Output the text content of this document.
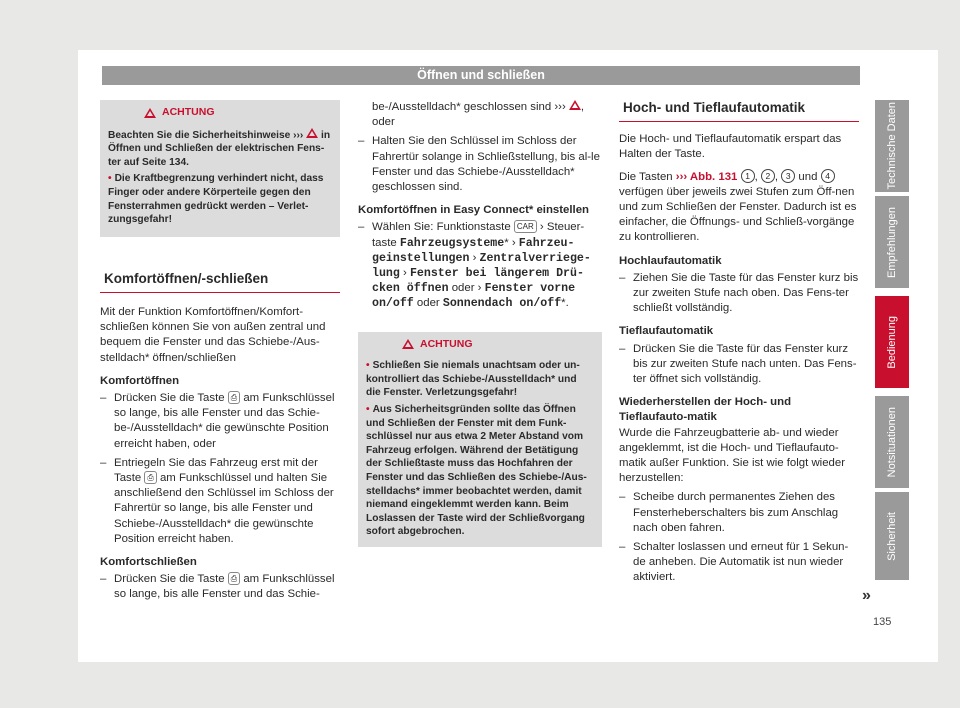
Öffnen und schließen
ACHTUNG

Beachten Sie die Sicherheitshinweise ›››  in Öffnen und Schließen der elektrischen Fens-ter auf Seite 134.

• Die Kraftbegrenzung verhindert nicht, dass Finger oder andere Körperteile gegen den Fensterrahmen gedrückt werden – Verlet-zungsgefahr!

Komfortöffnen/-schließen

Mit der Funktion Komfortöffnen/Komfort-schließen können Sie von außen zentral und bequem die Fenster und das Schiebe-/Aus-stelldach* öffnen/schließen

Komfortöffnen

– Drücken Sie die Taste ⎙ am Funkschlüssel so lange, bis alle Fenster und das Schie-be-/Ausstelldach* die gewünschte Position erreicht haben, oder
– Entriegeln Sie das Fahrzeug erst mit der Taste ⎙ am Funkschlüssel und halten Sie anschließend den Schlüssel im Schloss der Fahrertür so lange, bis alle Fenster und Schiebe-/Ausstelldach* die gewünschte Position erreicht haben.

Komfortschließen

– Drücken Sie die Taste ⎙ am Funkschlüssel so lange, bis alle Fenster und das Schie-

be-/Ausstelldach* geschlossen sind ››› , oder

– Halten Sie den Schlüssel im Schloss der Fahrertür solange in Schließstellung, bis al-le Fenster und das Schiebe-/Ausstelldach* geschlossen sind.

Komfortöffnen in Easy Connect* einstellen

– Wählen Sie: Funktionstaste CAR › Steuer-taste Fahrzeugsysteme* › Fahrzeu-geinstellungen › Zentralverriege-lung › Fenster bei längerem Drü-cken öffnen oder › Fenster vorne on/off oder Sonnendach on/off*.
ACHTUNG

• Schließen Sie niemals unachtsam oder un-kontrolliert das Schiebe-/Ausstelldach* und die Fenster. Verletzungsgefahr!

• Aus Sicherheitsgründen sollte das Öffnen und Schließen der Fenster mit dem Funk-schlüssel nur aus etwa 2 Meter Abstand vom Fahrzeug erfolgen. Während der Betätigung der Schließtaste muss das Hochfahren der Fenster und das Schließen des Schiebe-/Aus-stelldachs* immer beobachtet werden, damit niemand eingeklemmt werden kann. Beim Loslassen der Taste wird der Schließvorgang sofort abgebrochen.

Hoch- und Tieflaufautomatik

Die Hoch- und Tieflaufautomatik erspart das Halten der Taste.

Die Tasten ››› Abb. 131 1 , 2 , 3 und 4 verfügen über jeweils zwei Stufen zum Öff-nen und zum Schließen der Fenster. Dadurch ist es einfacher, die Öffnungs- und Schließ-vorgänge zu kontrollieren.

Hochlaufautomatik

– Ziehen Sie die Taste für das Fenster kurz bis zur zweiten Stufe nach oben. Das Fens-ter schließt vollständig.

Tieflaufautomatik

– Drücken Sie die Taste für das Fenster kurz bis zur zweiten Stufe nach unten. Das Fens-ter öffnet sich vollständig.

Wiederherstellen der Hoch- und Tieflaufauto-matik

Wurde die Fahrzeugbatterie ab- und wieder angeklemmt, ist die Hoch- und Tieflaufauto-matik außer Funktion. Sie ist wie folgt wieder herzustellen:

– Scheibe durch permanentes Ziehen des Fensterheberschalters bis zum Anschlag nach oben fahren.
– Schalter loslassen und erneut für 1 Sekun-de anheben. Die Automatik ist nun wieder aktiviert.
Technische Daten
Empfehlungen
Bedienung
Notsituationen
Sicherheit
»
135
